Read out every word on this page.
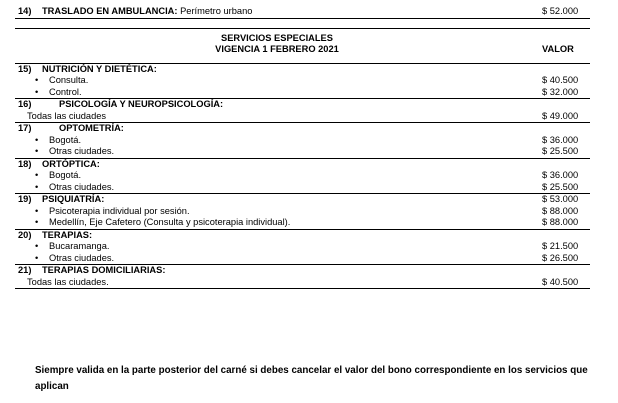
14) TRASLADO EN AMBULANCIA: Perímetro urbano	$ 52.000

SERVICIOS ESPECIALES	
VIGENCIA 1 FEBRERO 2021	VALOR

15) NUTRICIÓN Y DIETÉTICA:	
•Consulta.	$ 40.500
•Control.	$ 32.000
16) PSICOLOGÍA Y NEUROPSICOLOGÍA:	
Todas las ciudades	$ 49.000
17) OPTOMETRÍA:	
•Bogotá.	$ 36.000
•Otras ciudades.	$ 25.500
18) ORTÓPTICA:	
•Bogotá.	$ 36.000
•Otras ciudades.	$ 25.500
19) PSIQUIATRÍA:	$ 53.000
•Psicoterapia individual por sesión.	$ 88.000
•Medellín, Eje Cafetero (Consulta y psicoterapia individual).	$ 88.000
20) TERAPIAS:	
•Bucaramanga.	$ 21.500
•Otras ciudades.	$ 26.500
21) TERAPIAS DOMICILIARIAS:	
Todas las ciudades.	$ 40.500
Siempre valida en la parte posterior del carné si debes cancelar el valor del bono correspondiente en los servicios que aplican
